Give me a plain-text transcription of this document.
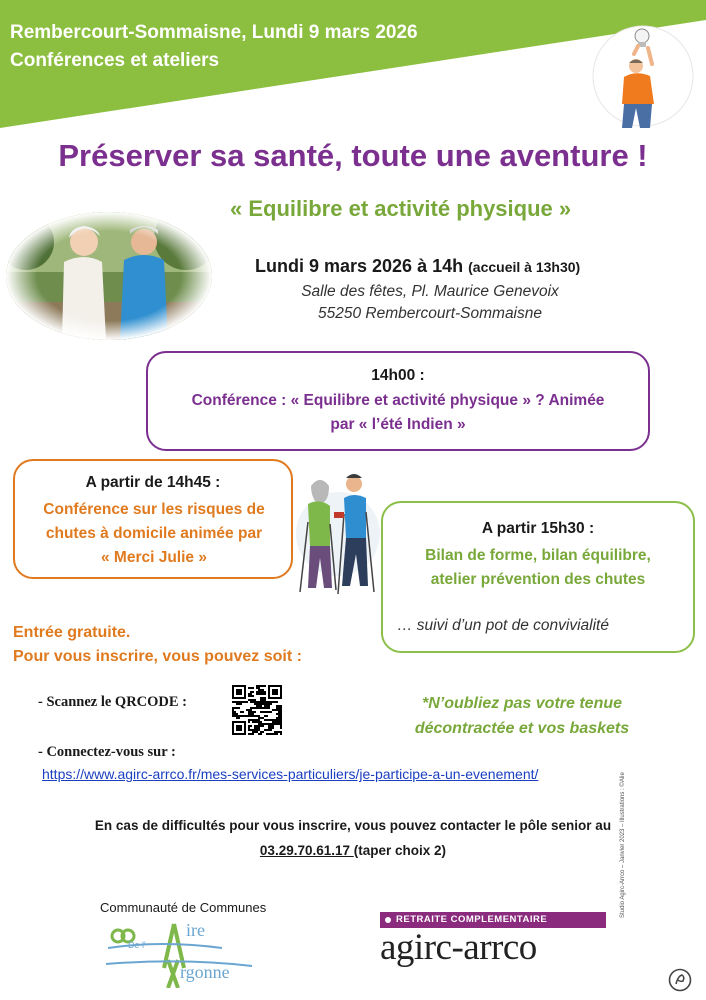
Rembercourt-Sommaisne, Lundi 9 mars 2026
Conférences et ateliers
Préserver sa santé, toute une aventure !
« Equilibre et activité physique »
Lundi 9 mars 2026 à 14h (accueil à 13h30)
Salle des fêtes, Pl. Maurice Genevoix
55250 Rembercourt-Sommaisne
14h00 :
Conférence : « Equilibre et activité physique » ? Animée
par « l’été Indien »
A partir de 14h45 :
Conférence sur les risques de
chutes à domicile animée par
« Merci Julie »
A partir 15h30 :
Bilan de forme, bilan équilibre,
atelier prévention des chutes
… suivi d’un pot de convivialité
Entrée gratuite.
Pour vous inscrire, vous pouvez soit :
- Scannez le QRCODE :	*N’oubliez pas votre tenue
décontractée et vos baskets
- Connectez-vous sur :
https://www.agirc-arrco.fr/mes-services-particuliers/je-participe-a-un-evenement/
En cas de difficultés pour vous inscrire, vous pouvez contacter le pôle senior au
03.29.70.61.17 (taper choix 2)	Studio Agirc-Arrco – Janvier 2023 – Illustrations : ©Alie
Communauté de Communes
ire
De l'
rgonne
RETRAITE COMPLEMENTAIRE
agirc-arrco
